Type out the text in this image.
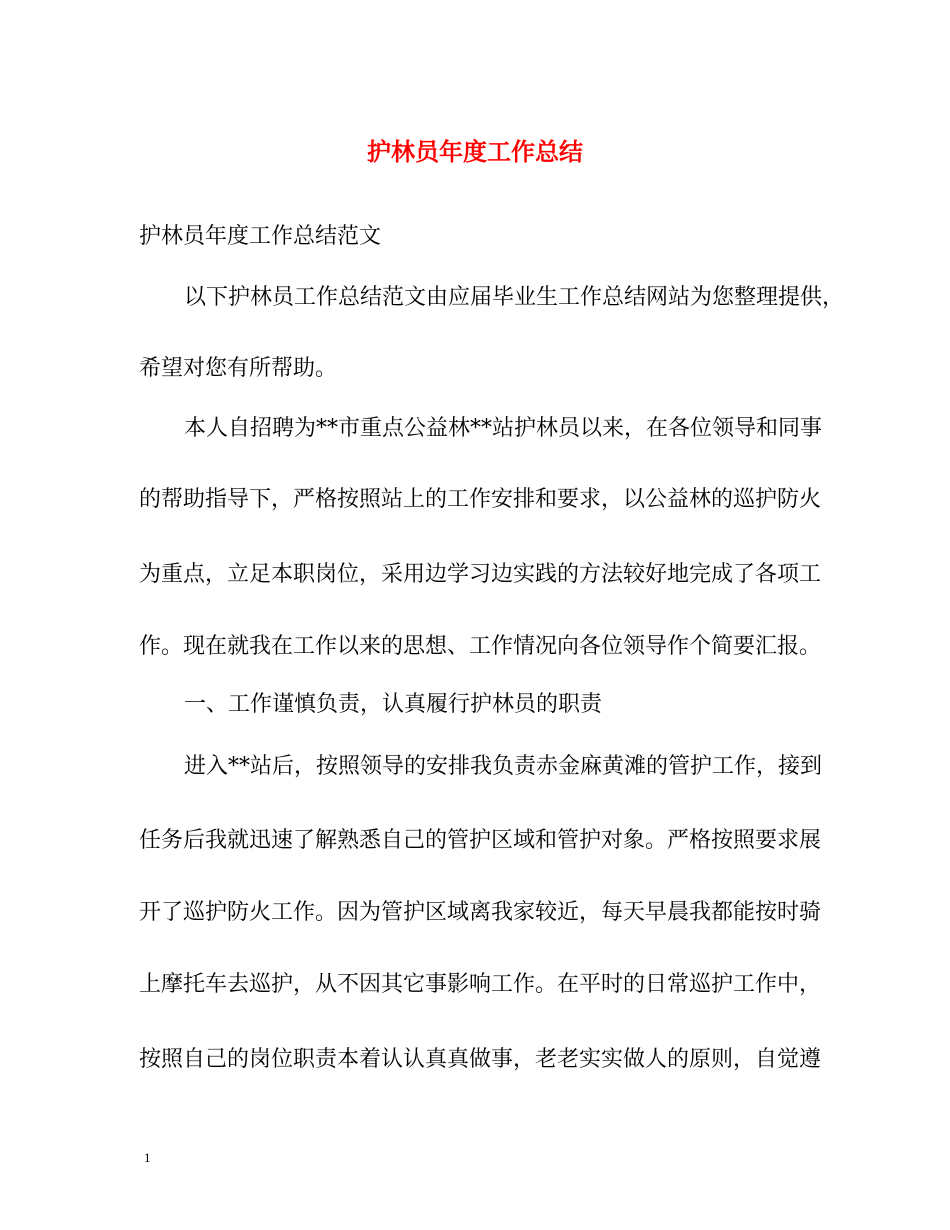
护林员年度工作总结
护林员年度工作总结范文
以下护林员工作总结范文由应届毕业生工作总结网站为您整理提供，
希望对您有所帮助。
本人自招聘为**市重点公益林**站护林员以来，在各位领导和同事
的帮助指导下，严格按照站上的工作安排和要求，以公益林的巡护防火
为重点，立足本职岗位，采用边学习边实践的方法较好地完成了各项工
作。现在就我在工作以来的思想、工作情况向各位领导作个简要汇报。
一、工作谨慎负责，认真履行护林员的职责
进入**站后，按照领导的安排我负责赤金麻黄滩的管护工作，接到
任务后我就迅速了解熟悉自己的管护区域和管护对象。严格按照要求展
开了巡护防火工作。因为管护区域离我家较近，每天早晨我都能按时骑
上摩托车去巡护，从不因其它事影响工作。在平时的日常巡护工作中，
按照自己的岗位职责本着认认真真做事，老老实实做人的原则，自觉遵
1
